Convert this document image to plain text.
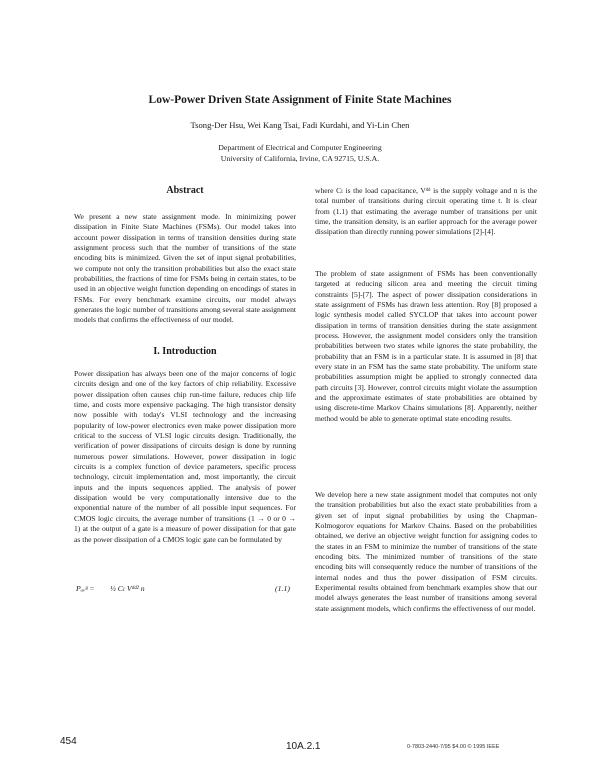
Low-Power Driven State Assignment of Finite State Machines
Tsong-Der Hsu, Wei Kang Tsai, Fadi Kurdahi, and Yi-Lin Chen
Department of Electrical and Computer Engineering
University of California, Irvine, CA 92715, U.S.A.
Abstract

We present a new state assignment mode. In minimizing power dissipation in Finite State Machines (FSMs). Our model takes into account power dissipation in terms of transition densities during state assignment process such that the number of transitions of the state encoding bits is minimized. Given the set of input signal probabilities, we compute not only the transition probabilities but also the exact state probabilities, the fractions of time for FSMs being in certain states, to be used in an objective weight function depending on encodings of states in FSMs. For every benchmark examine circuits, our model always generates the logic number of transitions among several state assignment models that confirms the effectiveness of our model.

I. Introduction

Power dissipation has always been one of the major concerns of logic circuits design and one of the key factors of chip reliability. Excessive power dissipation often causes chip run-time failure, reduces chip life time, and costs more expensive packaging. The high transistor density now possible with today's VLSI technology and the increasing popularity of low-power electronics even make power dissipation more critical to the success of VLSI logic circuits design. Traditionally, the verification of power dissipations of circuits design is done by running numerous power simulations. However, power dissipation in logic circuits is a complex function of device parameters, specific process technology, circuit implementation and, most importantly, the circuit inputs and the inputs sequences applied. The analysis of power dissipation would be very computationally intensive due to the exponential nature of the number of all possible input sequences. For CMOS logic circuits, the average number of transitions (1 → 0 or 0 → 1) at the output of a gate is a measure of power dissipation for that gate as the power dissipation of a CMOS logic gate can be formulated by

Pₐᵥᵍ = ½ Cₗ Vᵈᵈ² n	(1.1)

where Cₗ is the load capacitance, Vᵈᵈ is the supply voltage and n is the total number of transitions during circuit operating time t. It is clear from (1.1) that estimating the average number of transitions per unit time, the transition density, is an earlier approach for the average power dissipation than directly running power simulations [2]-[4].

The problem of state assignment of FSMs has been conventionally targeted at reducing silicon area and meeting the circuit timing constraints [5]-[7]. The aspect of power dissipation considerations in state assignment of FSMs has drawn less attention. Roy [8] proposed a logic synthesis model called SYCLOP that takes into account power dissipation in terms of transition densities during the state assignment process. However, the assignment model considers only the transition probabilities between two states while ignores the state probability, the probability that an FSM is in a particular state. It is assumed in [8] that every state in an FSM has the same state probability. The uniform state probabilities assumption might be applied to strongly connected data path circuits [3]. However, control circuits might violate the assumption and the approximate estimates of state probabilities are obtained by using discrete-time Markov Chains simulations [8]. Apparently, neither method would be able to generate optimal state encoding results.

We develop here a new state assignment model that computes not only the transition probabilities but also the exact state probabilities from a given set of input signal probabilities by using the Chapman-Kolmogorov equations for Markov Chains. Based on the probabilities obtained, we derive an objective weight function for assigning codes to the states in an FSM to minimize the number of transitions of the state encoding bits. The minimized number of transitions of the state encoding bits will consequently reduce the number of transitions of the internal nodes and thus the power dissipation of FSM circuits. Experimental results obtained from benchmark examples show that our model always generates the least number of transitions among several state assignment models, which confirms the effectiveness of our model.

454	10A.2.1	0-7803-2440-7/95 $4.00 © 1995 IEEE
